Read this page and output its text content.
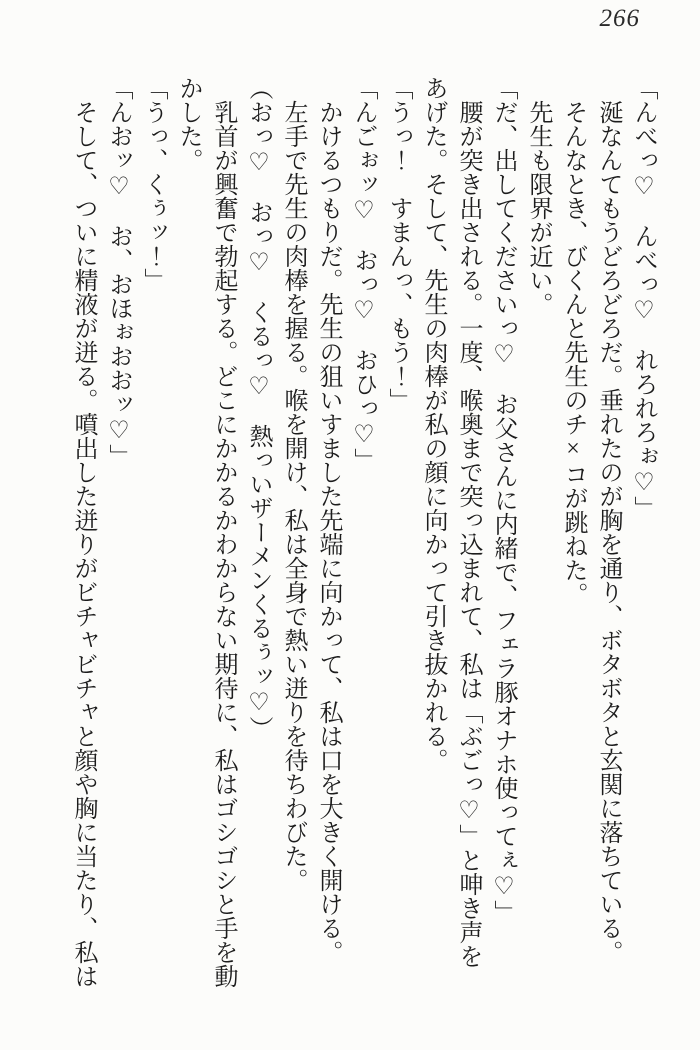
266

「んべっ♡　んべっ♡　れろれろぉ♡」

涎なんてもうどろどろだ。垂れたのが胸を通り、ボタボタと玄関に落ちている。

そんなとき、びくんと先生のチ×コが跳ねた。

先生も限界が近い。

「だ、出してくださいっ♡　お父さんに内緒で、フェラ豚オナホ使ってぇ♡」

腰が突き出される。一度、喉奥まで突っ込まれて、私は「ぶごっ♡」と呻き声をあげた。そして、先生の肉棒が私の顔に向かって引き抜かれる。

「うっ！　すまんっ、もう！」

「んごぉッ♡　おっ♡　おひっ♡」

かけるつもりだ。先生の狙いすました先端に向かって、私は口を大きく開ける。

左手で先生の肉棒を握る。喉を開け、私は全身で熱い迸りを待ちわびた。

（おっ♡　おっ♡　くるっ♡　熱っいザーメンくるぅッ♡）

乳首が興奮で勃起する。どこにかかるかわからない期待に、私はゴシゴシと手を動かした。

「うっ、くぅッ！」

「んおッ♡　お、おほぉおおッ♡」

そして、ついに精液が迸る。噴出した迸りがビチャビチャと顔や胸に当たり、私は
